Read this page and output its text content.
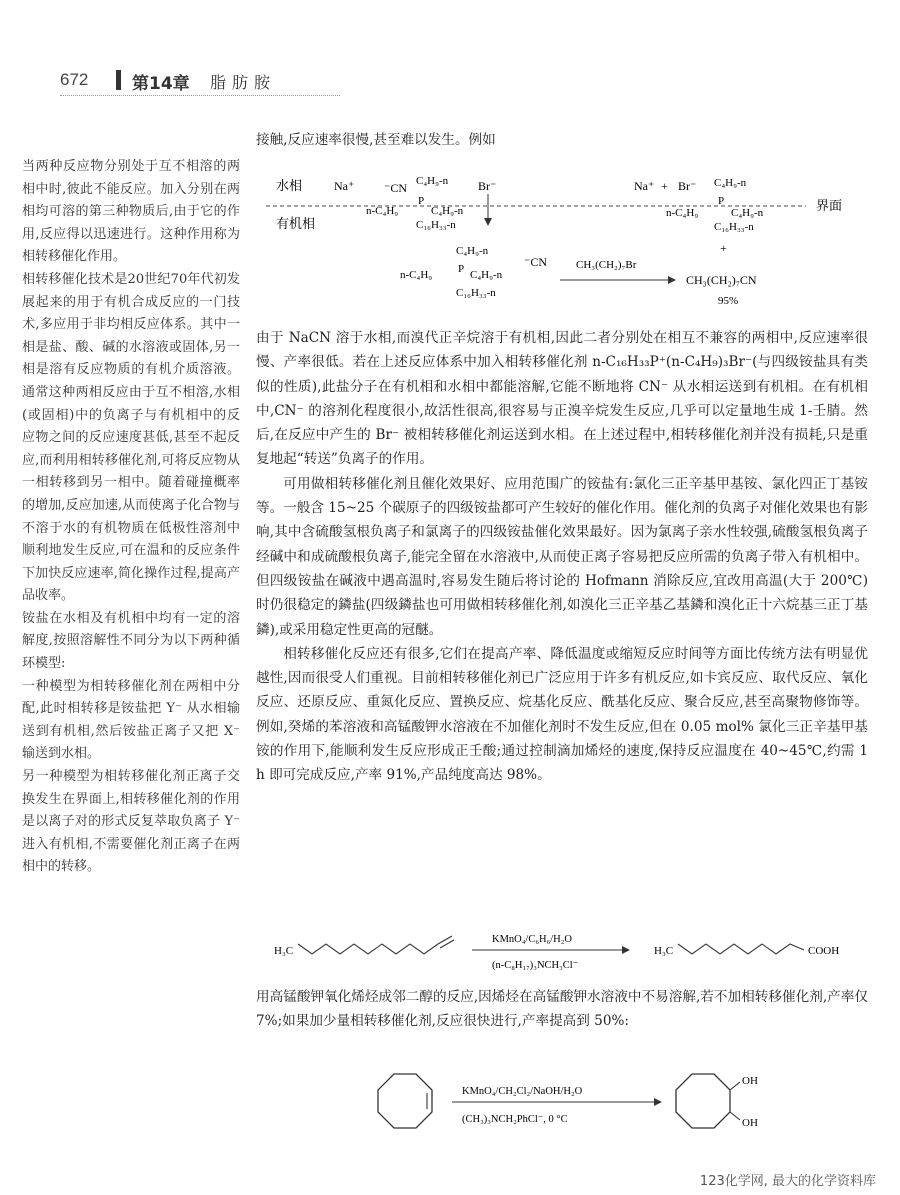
672	第14章 脂肪胺

当两种反应物分别处于互不相溶的两相中时,彼此不能反应。加入分别在两相均可溶的第三种物质后,由于它的作用,反应得以迅速进行。这种作用称为相转移催化作用。

相转移催化技术是20世纪70年代初发展起来的用于有机合成反应的一门技术,多应用于非均相反应体系。其中一相是盐、酸、碱的水溶液或固体,另一相是溶有反应物质的有机介质溶液。通常这种两相反应由于互不相溶,水相(或固相)中的负离子与有机相中的反应物之间的反应速度甚低,甚至不起反应,而利用相转移催化剂,可将反应物从一相转移到另一相中。随着碰撞概率的增加,反应加速,从而使离子化合物与不溶于水的有机物质在低极性溶剂中顺利地发生反应,可在温和的反应条件下加快反应速率,简化操作过程,提高产品收率。

铵盐在水相及有机相中均有一定的溶解度,按照溶解性不同分为以下两种循环模型:

一种模型为相转移催化剂在两相中分配,此时相转移是铵盐把 Y⁻ 从水相输送到有机相,然后铵盐正离子又把 X⁻ 输送到水相。

另一种模型为相转移催化剂正离子交换发生在界面上,相转移催化剂的作用是以离子对的形式反复萃取负离子 Y⁻ 进入有机相,不需要催化剂正离子在两相中的转移。

接触,反应速率很慢,甚至难以发生。例如

水相
有机相
界面
Na⁺ ⁻CN C₄H₉-n
P
n-C₄H₉	C₄H₉-n
C₁₆H₃₃-n
Br⁻	Na⁺ + Br⁻ C₄H₉-n
P
n-C₄H₉	C₄H₉-n
C₁₆H₃₃-n
+
C₄H₉-n
P
n-C₄H₉	C₄H₉-n
C₁₆H₃₃-n
⁻CN	CH₃(CH₂)₇Br
CH₃(CH₂)₇CN
95%

由于 NaCN 溶于水相,而溴代正辛烷溶于有机相,因此二者分别处在相互不兼容的两相中,反应速率很慢、产率很低。若在上述反应体系中加入相转移催化剂 n-C₁₆H₃₃P⁺(n-C₄H₉)₃Br⁻(与四级铵盐具有类似的性质),此盐分子在有机相和水相中都能溶解,它能不断地将 CN⁻ 从水相运送到有机相。在有机相中,CN⁻ 的溶剂化程度很小,故活性很高,很容易与正溴辛烷发生反应,几乎可以定量地生成 1-壬腈。然后,在反应中产生的 Br⁻ 被相转移催化剂运送到水相。在上述过程中,相转移催化剂并没有损耗,只是重复地起“转送”负离子的作用。

可用做相转移催化剂且催化效果好、应用范围广的铵盐有:氯化三正辛基甲基铵、氯化四正丁基铵等。一般含 15~25 个碳原子的四级铵盐都可产生较好的催化作用。催化剂的负离子对催化效果也有影响,其中含硫酸氢根负离子和氯离子的四级铵盐催化效果最好。因为氯离子亲水性较强,硫酸氢根负离子经碱中和成硫酸根负离子,能完全留在水溶液中,从而使正离子容易把反应所需的负离子带入有机相中。但四级铵盐在碱液中遇高温时,容易发生随后将讨论的 Hofmann 消除反应,宜改用高温(大于 200℃)时仍很稳定的鏻盐(四级鏻盐也可用做相转移催化剂,如溴化三正辛基乙基鏻和溴化正十六烷基三正丁基鏻),或采用稳定性更高的冠醚。

相转移催化反应还有很多,它们在提高产率、降低温度或缩短反应时间等方面比传统方法有明显优越性,因而很受人们重视。目前相转移催化剂已广泛应用于许多有机反应,如卡宾反应、取代反应、氧化反应、还原反应、重氮化反应、置换反应、烷基化反应、酰基化反应、聚合反应,甚至高聚物修饰等。例如,癸烯的苯溶液和高锰酸钾水溶液在不加催化剂时不发生反应,但在 0.05 mol% 氯化三正辛基甲基铵的作用下,能顺利发生反应形成正壬酸;通过控制滴加烯烃的速度,保持反应温度在 40~45℃,约需 1 h 即可完成反应,产率 91%,产品纯度高达 98%。

H₃C
KMnO₄/C₆H₆/H₂O
(n-C₈H₁₇)₃NCH₃Cl⁻
H₃C	COOH

用高锰酸钾氧化烯烃成邻二醇的反应,因烯烃在高锰酸钾水溶液中不易溶解,若不加相转移催化剂,产率仅 7%;如果加少量相转移催化剂,反应很快进行,产率提高到 50%:

KMnO₄/CH₂Cl₂/NaOH/H₂O
(CH₃)₃NCH₂PhCl⁻, 0 °C
OH
OH
123化学网, 最大的化学资料库
